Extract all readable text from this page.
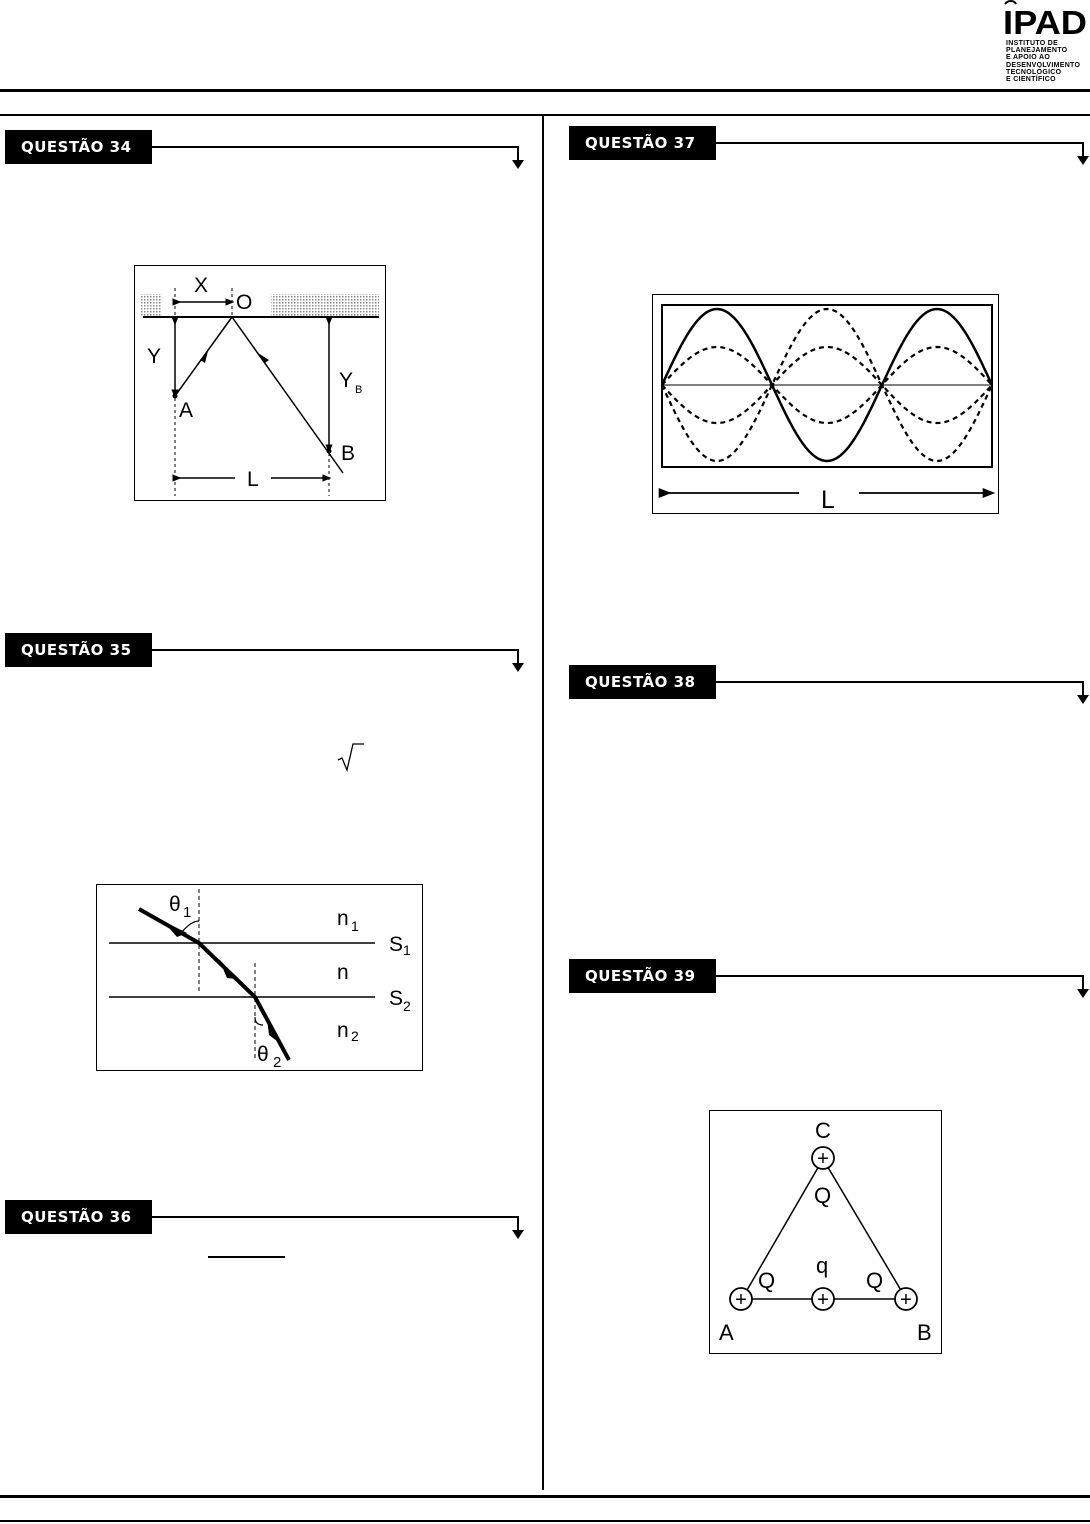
IPAD
INSTITUTO DE
PLANEJAMENTO
E APOIO AO
DESENVOLVIMENTO
TECNOLÓGICO
E CIENTÍFICO
QUESTÃO 34
X
O
Y
Y B
A
B
L
QUESTÃO 35
θ 1
θ 2
n 1
n
n 2
S 1
S 2
QUESTÃO 36
QUESTÃO 37
L
QUESTÃO 38
QUESTÃO 39
+
+	+	+
C
Q
q
Q	Q
A	B
